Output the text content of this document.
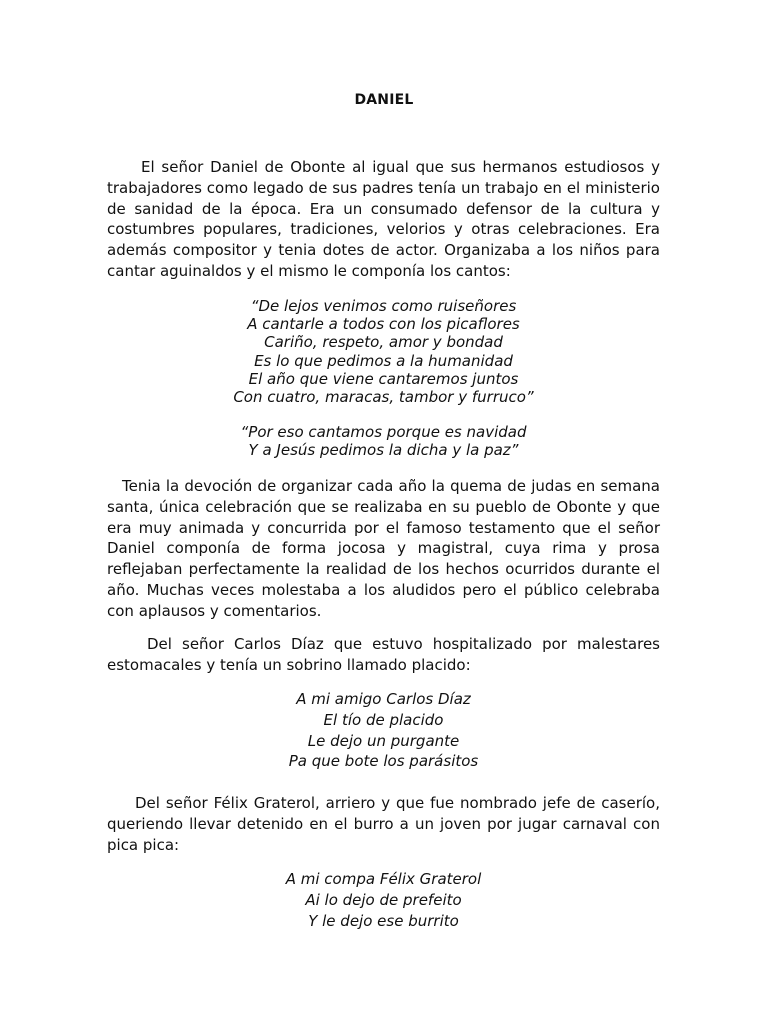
DANIEL

El señor Daniel de Obonte al igual que sus hermanos estudiosos y trabajadores como legado de sus padres tenía un trabajo en el ministerio de sanidad de la época. Era un consumado defensor de la cultura y costumbres populares, tradiciones, velorios y otras celebraciones. Era además compositor y tenia dotes de actor. Organizaba a los niños para cantar aguinaldos y el mismo le componía los cantos:

“De lejos venimos como ruiseñores
A cantarle a todos con los picaflores
Cariño, respeto, amor y bondad
Es lo que pedimos a la humanidad
El año que viene cantaremos juntos
Con cuatro, maracas, tambor y furruco”
“Por eso cantamos porque es navidad
Y a Jesús pedimos la dicha y la paz”

Tenia la devoción de organizar cada año la quema de judas en semana santa, única celebración que se realizaba en su pueblo de Obonte y que era muy animada y concurrida por el famoso testamento que el señor Daniel componía de forma jocosa y magistral, cuya rima y prosa reflejaban perfectamente la realidad de los hechos ocurridos durante el año. Muchas veces molestaba a los aludidos pero el público celebraba con aplausos y comentarios.

Del señor Carlos Díaz que estuvo hospitalizado por malestares estomacales y tenía un sobrino llamado placido:

A mi amigo Carlos Díaz
El tío de placido
Le dejo un purgante
Pa que bote los parásitos

Del señor Félix Graterol, arriero y que fue nombrado jefe de caserío, queriendo llevar detenido en el burro a un joven por jugar carnaval con pica pica:

A mi compa Félix Graterol
Ai lo dejo de prefeito
Y le dejo ese burrito
